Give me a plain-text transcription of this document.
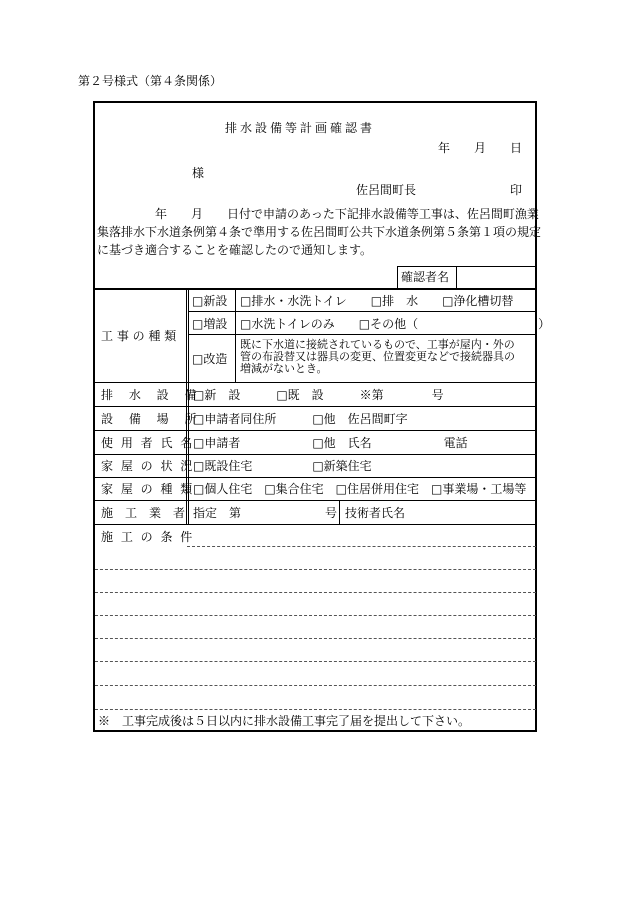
第２号様式（第４条関係）
排水設備等計画確認書
年　　月　　日
様
佐呂間町長	印
年　　月　　日付で申請のあった下記排水設備等工事は、佐呂間町漁業
集落排水下水道条例第４条で準用する佐呂間町公共下水道条例第５条第１項の規定
に基づき適合することを確認したので通知します。
確認者名
工 事 の 種 類
□新設 □排水・水洗トイレ　　□排　水　　□浄化槽切替
□増設 □水洗トイレのみ　　□その他（　　　　　　　　　　）
□改造
既に下水道に接続されているもので、工事が屋内・外の
管の布設替又は器具の変更、位置変更などで接続器具の
増減がないとき。
排 水 設 備
□新　設　　　□既　設　　　※第　　　　号
設 備 場 所
□申請者同住所　　　□他　佐呂間町字
使 用 者 氏 名
□申請者　　　　　　□他　氏名　　　　　　電話
家 屋 の 状 況
□既設住宅　　　　　□新築住宅
家 屋 の 種 類
□個人住宅　□集合住宅　□住居併用住宅　□事業場・工場等
施　工　業　者 指定　第　　　　　　　号 技術者氏名
施 工 の 条 件
※　工事完成後は５日以内に排水設備工事完了届を提出して下さい。
